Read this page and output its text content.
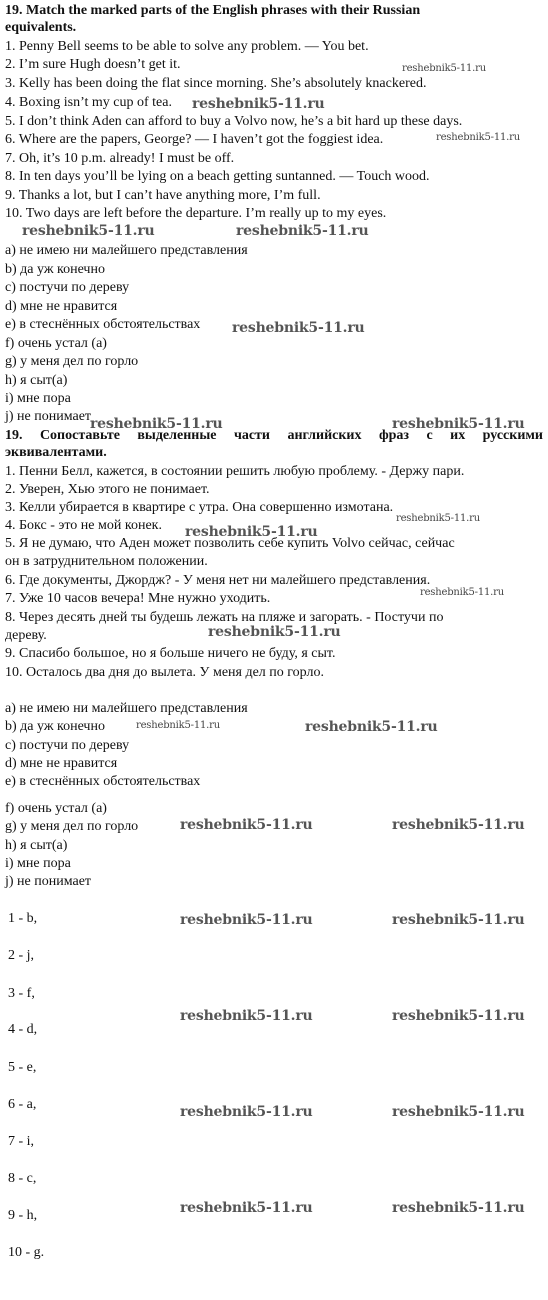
19. Match the marked parts of the English phrases with their Russian
equivalents.
1. Penny Bell seems to be able to solve any problem. — You bet.
2. I’m sure Hugh doesn’t get it.
3. Kelly has been doing the flat since morning. She’s absolutely knackered.
4. Boxing isn’t my cup of tea.
5. I don’t think Aden can afford to buy a Volvo now, he’s a bit hard up these days.
6. Where are the papers, George? — I haven’t got the foggiest idea.
7. Oh, it’s 10 p.m. already! I must be off.
8. In ten days you’ll be lying on a beach getting suntanned. — Touch wood.
9. Thanks a lot, but I can’t have anything more, I’m full.
10. Two days are left before the departure. I’m really up to my eyes.
a) не имею ни малейшего представления
b) да уж конечно
c) постучи по дереву
d) мне не нравится
e) в стеснённых обстоятельствах
f) очень устал (а)
g) у меня дел по горло
h) я сыт(а)
i) мне пора
j) не понимает
19. Сопоставьте выделенные части английских фраз с их русскими
эквивалентами.
1. Пенни Белл, кажется, в состоянии решить любую проблему. - Держу пари.
2. Уверен, Хью этого не понимает.
3. Келли убирается в квартире с утра. Она совершенно измотана.
4. Бокс - это не мой конек.
5. Я не думаю, что Аден может позволить себе купить Volvo сейчас, сейчас
он в затруднительном положении.
6. Где документы, Джордж? - У меня нет ни малейшего представления.
7. Уже 10 часов вечера! Мне нужно уходить.
8. Через десять дней ты будешь лежать на пляже и загорать. - Постучи по
дереву.
9. Спасибо большое, но я больше ничего не буду, я сыт.
10. Осталось два дня до вылета. У меня дел по горло.
a) не имею ни малейшего представления
b) да уж конечно
c) постучи по дереву
d) мне не нравится
e) в стеснённых обстоятельствах
f) очень устал (а)
g) у меня дел по горло
h) я сыт(а)
i) мне пора
j) не понимает
1 - b,
2 - j,
3 - f,
4 - d,
5 - e,
6 - a,
7 - i,
8 - c,
9 - h,
10 - g.
reshebnik5-11.ru
reshebnik5-11.ru
reshebnik5-11.ru
reshebnik5-11.ru	reshebnik5-11.ru
reshebnik5-11.ru
reshebnik5-11.ru	reshebnik5-11.ru
reshebnik5-11.ru
reshebnik5-11.ru
reshebnik5-11.ru
reshebnik5-11.ru
reshebnik5-11.ru	reshebnik5-11.ru
reshebnik5-11.ru	reshebnik5-11.ru
reshebnik5-11.ru	reshebnik5-11.ru
reshebnik5-11.ru	reshebnik5-11.ru
reshebnik5-11.ru	reshebnik5-11.ru
reshebnik5-11.ru	reshebnik5-11.ru
